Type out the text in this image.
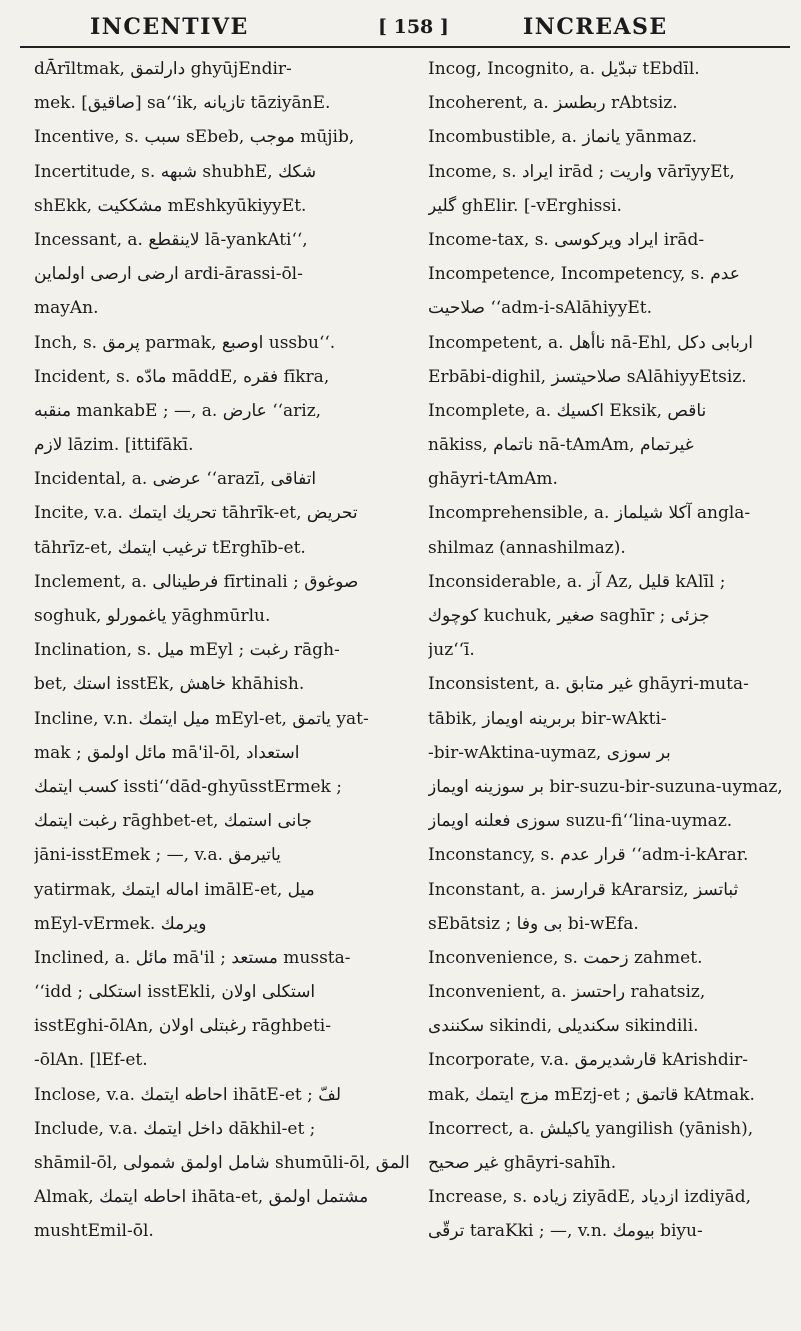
INCENTIVE	[ 158 ]	INCREASE
dĀrīltmak, دارلتمق ghyūjEndir-
mek. [صاقيق] sa‘‘ik, تازيانه tāziyānE.
Incentive, s. سبب sEbeb, موجب mūjib,
Incertitude, s. شبهه shubhE, شكك
shEkk, مشككيت mEshkyūkiyyEt.
Incessant, a. لاينقطع lā-yankAti‘‘,
ارضى ارصى اولماين ardi-ārassi-ōl-
mayAn.
Inch, s. پرمق parmak, اوصبع ussbu‘‘.
Incident, s. مادّه māddE, فقره fīkra,
منقبه mankabE ; —, a. عارض ‘‘ariz,
لازم lāzim. [ittifākī.
Incidental, a. عرضى ‘‘arazī, اتفاقى
Incite, v.a. تحريك ايتمك tāhrīk-et, تحريض
tāhrīz-et, ترغيب ايتمك tErghīb-et.
Inclement, a. فرطينالى fīrtinali ; صوغوق
soghuk, ياغمورلو yāghmūrlu.
Inclination, s. ميل mEyl ; رغبت rāgh-
bet, استك isstEk, خاهش khāhish.
Incline, v.n. ميل ايتمك mEyl-et, ياتمق yat-
mak ; مائل اولمق mā'il-ōl, استعداد
كسب ايتمك issti‘‘dād-ghyūsstErmek ;
رغبت ايتمك rāghbet-et, جانى استمك
jāni-isstEmek ; —, v.a. ياتيرمق
yatirmak, اماله ايتمك imālE-et, ميل
mEyl-vErmek. ويرمك
Inclined, a. مائل mā'il ; مستعد mussta-
‘‘idd ; استكلى isstEkli, استكلى اولان
isstEghi-ōlAn, رغبتلى اولان rāghbeti-
-ōlAn. [lEf-et.
Inclose, v.a. احاطه ايتمك ihātE-et ; لفّ
Include, v.a. داخل ايتمك dākhil-et ;
shāmil-ōl, شامل اولمق شمولى shumūli-ōl, المق
Almak, احاطه ايتمك ihāta-et, مشتمل اولمق
mushtEmil-ōl.
Incog, Incognito, a. تبدّيل tEbdīl.
Incoherent, a. ربطسز rAbtsiz.
Incombustible, a. يانماز yānmaz.
Income, s. ايراد irād ; واريت vārīyyEt,
گلير ghElir. [-vErghissi.
Income-tax, s. ايراد ويركوسى irād-
Incompetence, Incompetency, s. عدم
صلاحيت ‘‘adm-i-sAlāhiyyEt.
Incompetent, a. ناأهل nā-Ehl, اربابى دكل
Erbābi-dighil, صلاحيتسز sAlāhiyyEtsiz.
Incomplete, a. اكسيك Eksik, ناقص
nākiss, ناتمام nā-tAmAm, غيرتمام
ghāyri-tAmAm.
Incomprehensible, a. آكلا شيلماز angla-
shilmaz (annashilmaz).
Inconsiderable, a. آز Az, قليل kAlīl ;
كوچوك kuchuk, صغير saghīr ; جزئى
juz‘‘ī.
Inconsistent, a. غير متابق ghāyri-muta-
tābik, بربرينه اويماز bir-wAkti-
-bir-wAktina-uymaz, بر سوزى
بر سوزينه اويماز bir-suzu-bir-suzuna-uymaz,
سوزى فعلنه اويماز suzu-fi‘‘lina-uymaz.
Inconstancy, s. قرار عدم ‘‘adm-i-kArar.
Inconstant, a. قرارسز kArarsiz, ثباتسز
sEbātsiz ; بى وفا bi-wEfa.
Inconvenience, s. زحمت zahmet.
Inconvenient, a. راحتسز rahatsiz,
سكنندى sikindi, سكنديلى sikindili.
Incorporate, v.a. قارشديرمق kArishdir-
mak, مزج ايتمك mEzj-et ; قاتمق kAtmak.
Incorrect, a. ياكيلش yangilish (yānish),
غير صحيح ghāyri-sahīh.
Increase, s. زياده ziyādE, ازدياد izdiyād,
ترقّى taraKki ; —, v.n. بيومك biyu-
